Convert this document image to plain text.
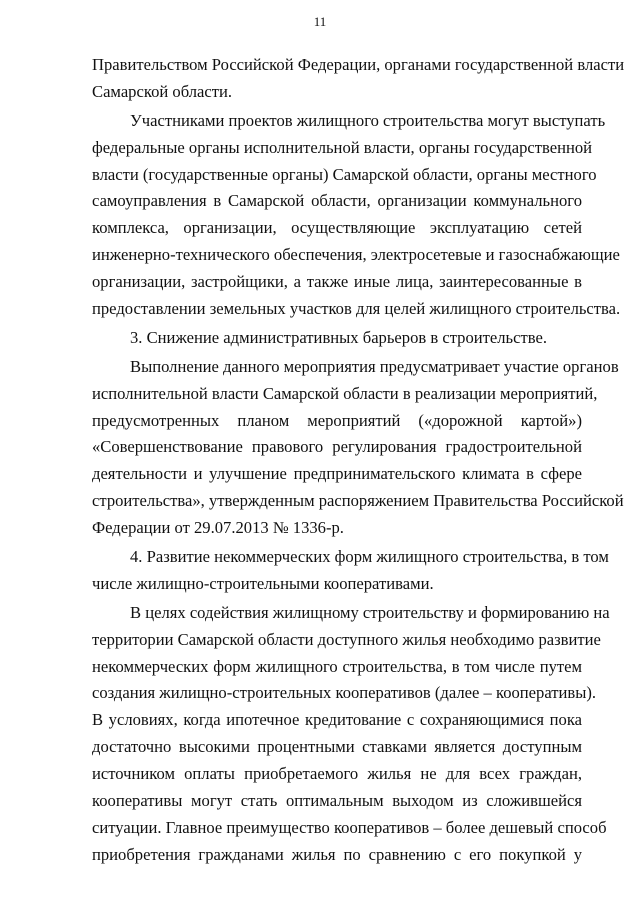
11
Правительством Российской Федерации, органами государственной власти
Самарской области.
Участниками проектов жилищного строительства могут выступать
федеральные органы исполнительной власти, органы государственной
власти (государственные органы) Самарской области, органы местного
самоуправления в Самарской области, организации коммунального
комплекса, организации, осуществляющие эксплуатацию сетей
инженерно-технического обеспечения, электросетевые и газоснабжающие
организации, застройщики, а также иные лица, заинтересованные в
предоставлении земельных участков для целей жилищного строительства.
3. Снижение административных барьеров в строительстве.
Выполнение данного мероприятия предусматривает участие органов
исполнительной власти Самарской области в реализации мероприятий,
предусмотренных планом мероприятий («дорожной картой»)
«Совершенствование правового регулирования градостроительной
деятельности и улучшение предпринимательского климата в сфере
строительства», утвержденным распоряжением Правительства Российской
Федерации от 29.07.2013 № 1336-р.
4. Развитие некоммерческих форм жилищного строительства, в том
числе жилищно-строительными кооперативами.
В целях содействия жилищному строительству и формированию на
территории Самарской области доступного жилья необходимо развитие
некоммерческих форм жилищного строительства, в том числе путем
создания жилищно-строительных кооперативов (далее – кооперативы).
В условиях, когда ипотечное кредитование с сохраняющимися пока
достаточно высокими процентными ставками является доступным
источником оплаты приобретаемого жилья не для всех граждан,
кооперативы могут стать оптимальным выходом из сложившейся
ситуации. Главное преимущество кооперативов – более дешевый способ
приобретения гражданами жилья по сравнению с его покупкой у
